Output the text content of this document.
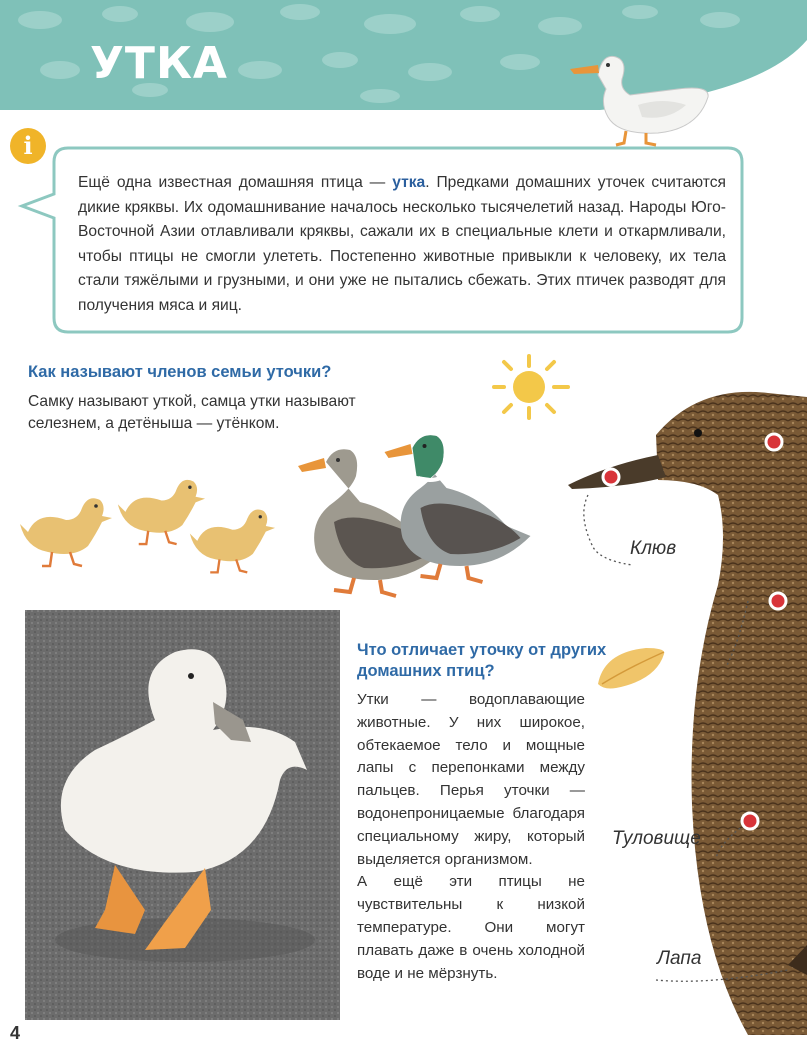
УТКА
i
Ещё одна известная домашняя птица — утка. Предками домашних уточек считаются дикие кряквы. Их одомашнивание началось несколько тысячелетий назад. Народы Юго-Восточной Азии отлавливали кряквы, сажали их в специальные клети и откармливали, чтобы птицы не смогли улететь. Постепенно животные привыкли к человеку, их тела стали тяжёлыми и грузными, и они уже не пытались сбежать. Этих птичек разводят для получения мяса и яиц.
Как называют членов семьи уточки?
Самку называют уткой, самца утки называют селезнем, а детёныша — утёнком.
Клюв
Туловище
Лапа
Что отличает уточку от других домашних птиц?
Утки — водоплавающие животные. У них широкое, обтекаемое тело и мощные лапы с перепонками между пальцев. Перья уточки — водонепроницаемые благодаря специальному жиру, который выделяется организмом.
А ещё эти птицы не чувствительны к низкой температуре. Они могут плавать даже в очень холодной воде и не мёрзнуть.
4
